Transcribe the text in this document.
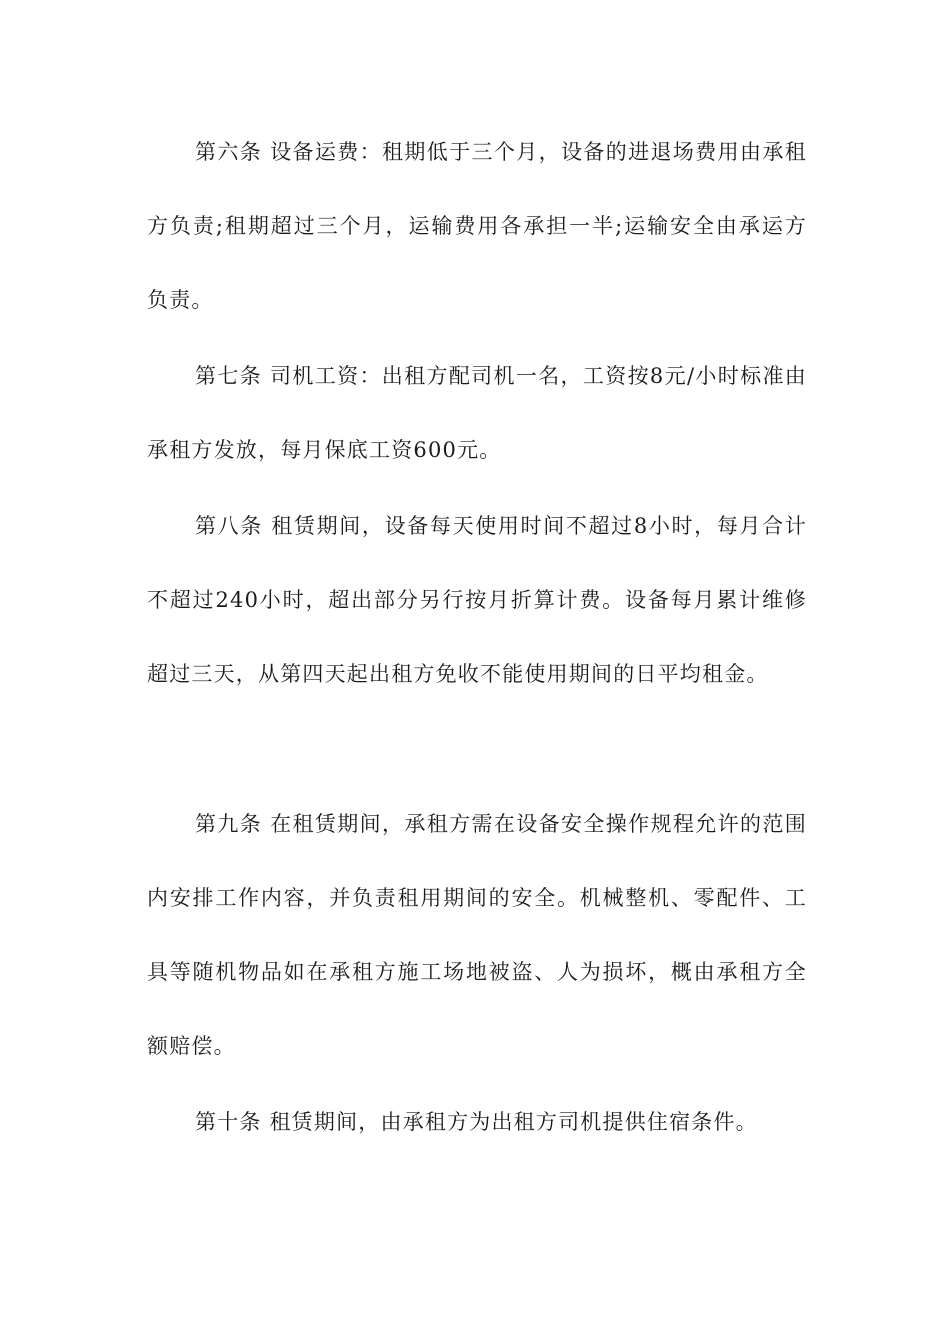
第六条 设备运费：租期低于三个月，设备的进退场费用由承租方负责;租期超过三个月，运输费用各承担一半;运输安全由承运方负责。

第七条 司机工资：出租方配司机一名，工资按8元/小时标准由承租方发放，每月保底工资600元。

第八条 租赁期间，设备每天使用时间不超过8小时，每月合计不超过240小时，超出部分另行按月折算计费。设备每月累计维修超过三天，从第四天起出租方免收不能使用期间的日平均租金。

第九条 在租赁期间，承租方需在设备安全操作规程允许的范围内安排工作内容，并负责租用期间的安全。机械整机、零配件、工具等随机物品如在承租方施工场地被盗、人为损坏，概由承租方全额赔偿。

第十条 租赁期间，由承租方为出租方司机提供住宿条件。
